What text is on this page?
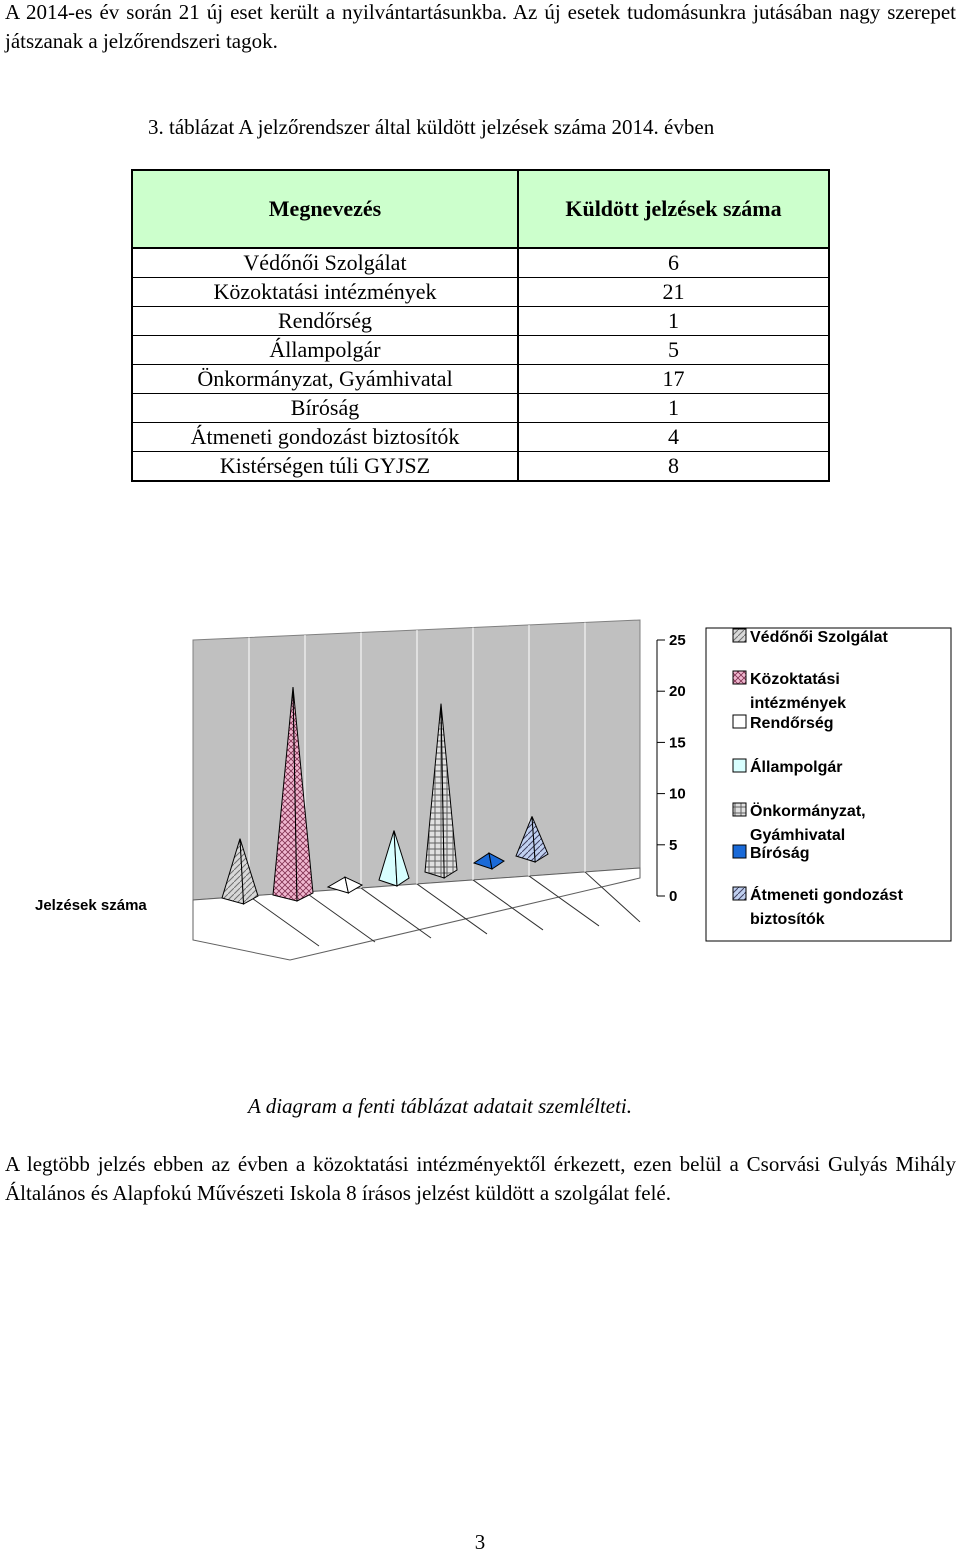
A 2014-es év során 21 új eset került a nyilvántartásunkba. Az új esetek tudomásunkra jutásában nagy szerepet játszanak a jelzőrendszeri tagok.

3. táblázat A jelzőrendszer által küldött jelzések száma 2014. évben
Megnevezés	Küldött jelzések száma
Védőnői Szolgálat	6
Közoktatási intézmények	21
Rendőrség	1
Állampolgár	5
Önkormányzat, Gyámhivatal	17
Bíróság	1
Átmeneti gondozást biztosítók	4
Kistérségen túli GYJSZ	8
0
5
10
15
20
25
Jelzések száma
Védőnői Szolgálat
Közoktatási
intézmények
Rendőrség
Állampolgár
Önkormányzat,
Gyámhivatal
Bíróság
Átmeneti gondozást
biztosítók
A diagram a fenti táblázat adatait szemlélteti.

A legtöbb jelzés ebben az évben a közoktatási intézményektől érkezett, ezen belül a Csorvási Gulyás Mihály Általános és Alapfokú Művészeti Iskola 8 írásos jelzést küldött a szolgálat felé.

3
